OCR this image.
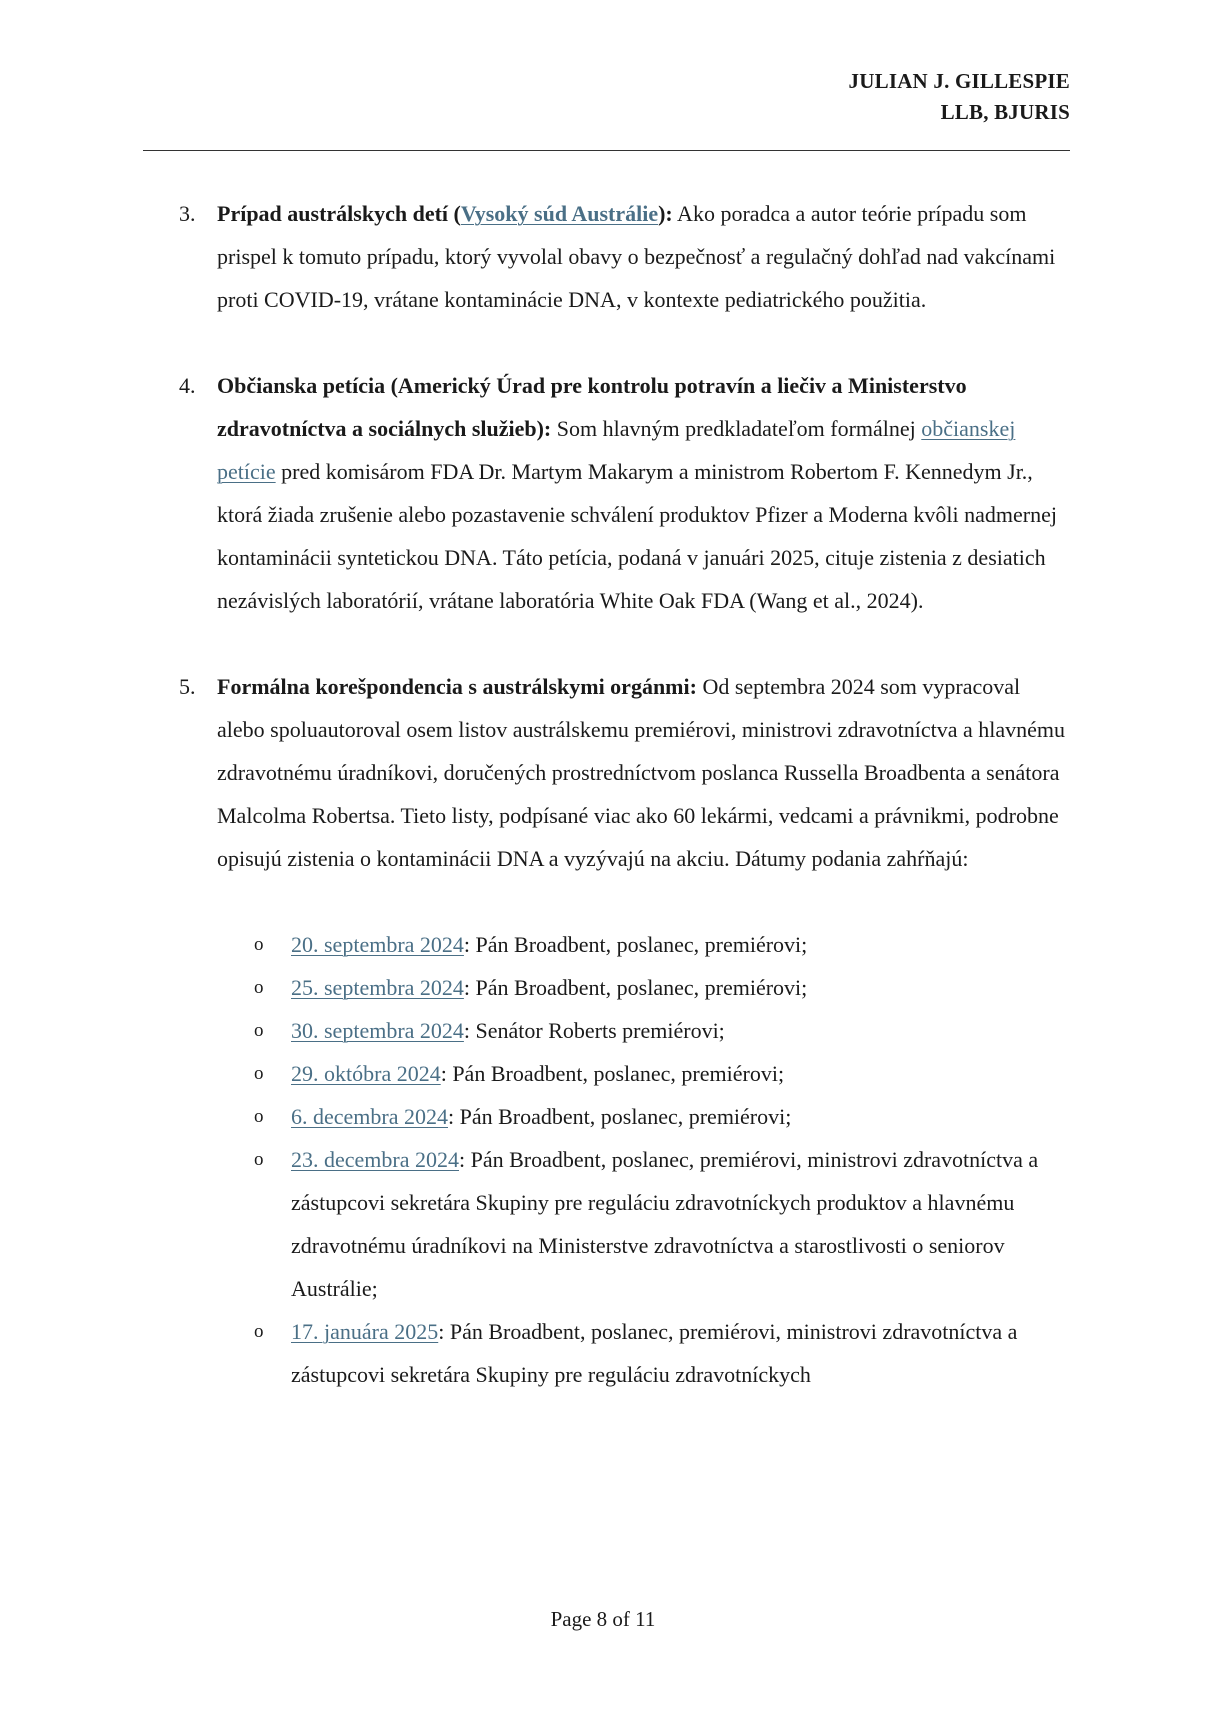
JULIAN J. GILLESPIE
LLB, BJURIS
3. Prípad austrálskych detí (Vysoký súd Austrálie): Ako poradca a autor teórie prípadu som prispel k tomuto prípadu, ktorý vyvolal obavy o bezpečnosť a regulačný dohľad nad vakcínami proti COVID-19, vrátane kontaminácie DNA, v kontexte pediatrického použitia.
4. Občianska petícia (Americký Úrad pre kontrolu potravín a liečiv a Ministerstvo zdravotníctva a sociálnych služieb): Som hlavným predkladateľom formálnej občianskej petície pred komisárom FDA Dr. Martym Makarym a ministrom Robertom F. Kennedym Jr., ktorá žiada zrušenie alebo pozastavenie schválení produktov Pfizer a Moderna kvôli nadmernej kontaminácii syntetickou DNA. Táto petícia, podaná v januári 2025, cituje zistenia z desiatich nezávislých laboratórií, vrátane laboratória White Oak FDA (Wang et al., 2024).
5. Formálna korešpondencia s austrálskymi orgánmi: Od septembra 2024 som vypracoval alebo spoluautoroval osem listov austrálskemu premiérovi, ministrovi zdravotníctva a hlavnému zdravotnému úradníkovi, doručených prostredníctvom poslanca Russella Broadbenta a senátora Malcolma Robertsa. Tieto listy, podpísané viac ako 60 lekármi, vedcami a právnikmi, podrobne opisujú zistenia o kontaminácii DNA a vyzývajú na akciu. Dátumy podania zahŕňajú:
o 20. septembra 2024: Pán Broadbent, poslanec, premiérovi;
o 25. septembra 2024: Pán Broadbent, poslanec, premiérovi;
o 30. septembra 2024: Senátor Roberts premiérovi;
o 29. októbra 2024: Pán Broadbent, poslanec, premiérovi;
o 6. decembra 2024: Pán Broadbent, poslanec, premiérovi;
o 23. decembra 2024: Pán Broadbent, poslanec, premiérovi, ministrovi zdravotníctva a zástupcovi sekretára Skupiny pre reguláciu zdravotníckych produktov a hlavnému zdravotnému úradníkovi na Ministerstve zdravotníctva a starostlivosti o seniorov Austrálie;
o 17. januára 2025: Pán Broadbent, poslanec, premiérovi, ministrovi zdravotníctva a zástupcovi sekretára Skupiny pre reguláciu zdravotníckych
Page 8 of 11
